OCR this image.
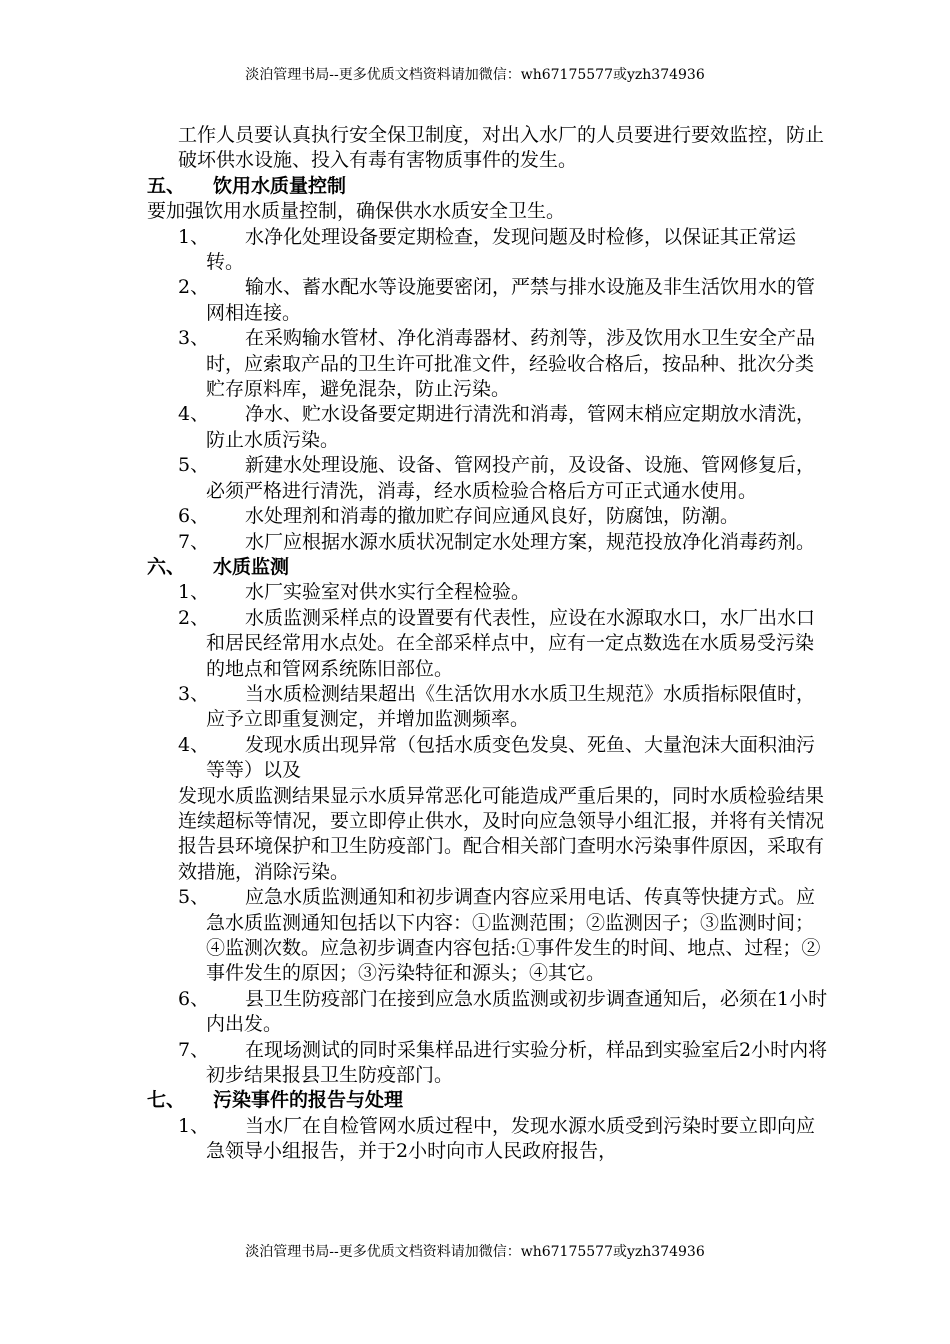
淡泊管理书局--更多优质文档资料请加微信：wh67175577或yzh374936

工作人员要认真执行安全保卫制度，对出入水厂的人员要进行要效监控，防止破坏供水设施、投入有毒有害物质事件的发生。

五、 饮用水质量控制

要加强饮用水质量控制，确保供水水质安全卫生。

1、 水净化处理设备要定期检查，发现问题及时检修，以保证其正常运转。
2、 输水、蓄水配水等设施要密闭，严禁与排水设施及非生活饮用水的管网相连接。
3、 在采购输水管材、净化消毒器材、药剂等，涉及饮用水卫生安全产品时，应索取产品的卫生许可批准文件，经验收合格后，按品种、批次分类贮存原料库，避免混杂，防止污染。
4、 净水、贮水设备要定期进行清洗和消毒，管网末梢应定期放水清洗，防止水质污染。
5、 新建水处理设施、设备、管网投产前，及设备、设施、管网修复后，必须严格进行清洗，消毒，经水质检验合格后方可正式通水使用。
6、 水处理剂和消毒的撤加贮存间应通风良好，防腐蚀，防潮。
7、 水厂应根据水源水质状况制定水处理方案，规范投放净化消毒药剂。
六、 水质监测
1、 水厂实验室对供水实行全程检验。
2、 水质监测采样点的设置要有代表性，应设在水源取水口，水厂出水口和居民经常用水点处。在全部采样点中，应有一定点数选在水质易受污染的地点和管网系统陈旧部位。
3、 当水质检测结果超出《生活饮用水水质卫生规范》水质指标限值时，应予立即重复测定，并增加监测频率。
4、 发现水质出现异常（包括水质变色发臭、死鱼、大量泡沫大面积油污等等）以及

发现水质监测结果显示水质异常恶化可能造成严重后果的，同时水质检验结果连续超标等情况，要立即停止供水，及时向应急领导小组汇报，并将有关情况报告县环境保护和卫生防疫部门。配合相关部门查明水污染事件原因，采取有效措施，消除污染。

5、 应急水质监测通知和初步调查内容应采用电话、传真等快捷方式。应急水质监测通知包括以下内容：①监测范围；②监测因子；③监测时间；④监测次数。应急初步调查内容包括:①事件发生的时间、地点、过程；②事件发生的原因；③污染特征和源头；④其它。
6、 县卫生防疫部门在接到应急水质监测或初步调查通知后，必须在1小时内出发。
7、 在现场测试的同时采集样品进行实验分析，样品到实验室后2小时内将初步结果报县卫生防疫部门。
七、 污染事件的报告与处理
1、 当水厂在自检管网水质过程中，发现水源水质受到污染时要立即向应急领导小组报告，并于2小时向市人民政府报告，
淡泊管理书局--更多优质文档资料请加微信：wh67175577或yzh374936
